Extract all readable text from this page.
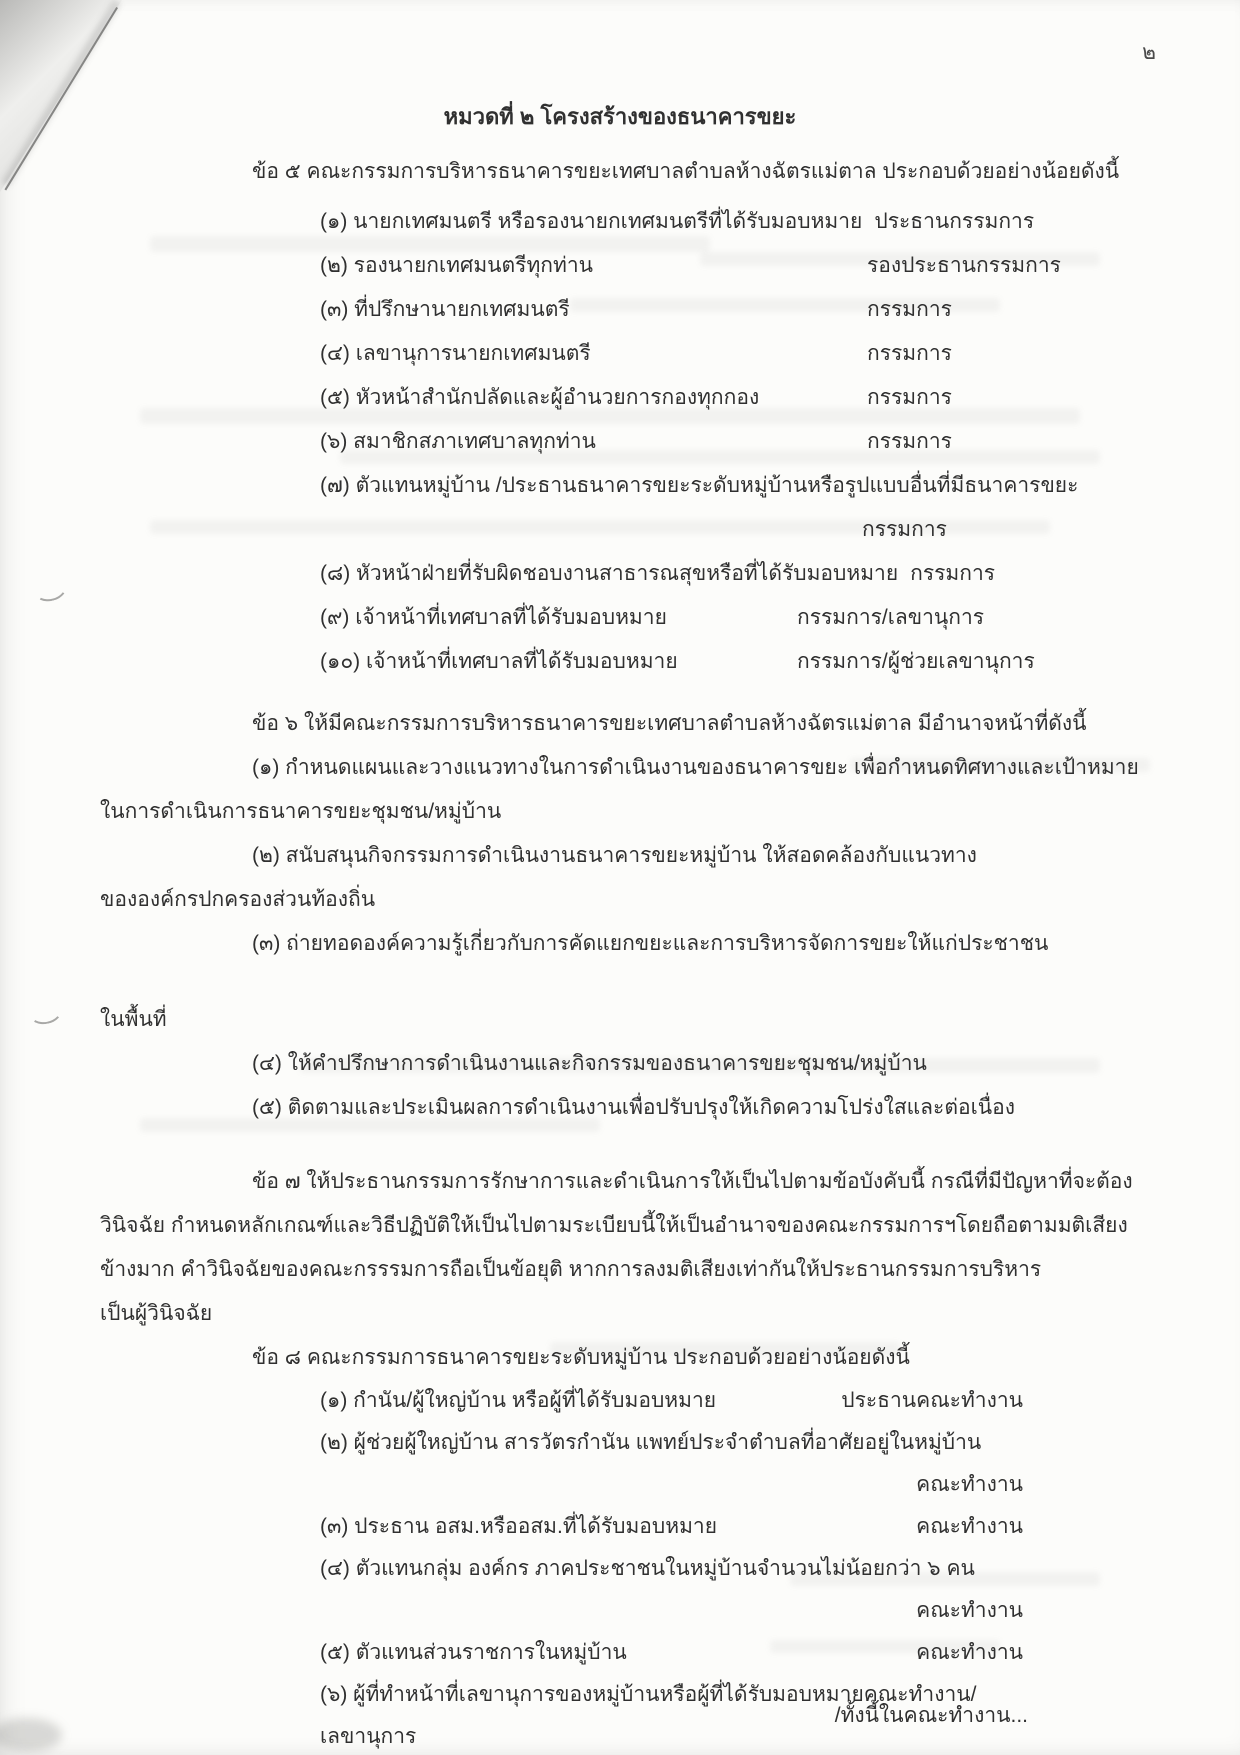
๒
หมวดที่ ๒ โครงสร้างของธนาคารขยะ

ข้อ ๕ คณะกรรมการบริหารธนาคารขยะเทศบาลตำบลห้างฉัตรแม่ตาล ประกอบด้วยอย่างน้อยดังนี้

(๑) นายกเทศมนตรี หรือรองนายกเทศมนตรีที่ได้รับมอบหมาย ประธานกรรมการ
(๒) รองนายกเทศมนตรีทุกท่าน	รองประธานกรรมการ
(๓) ที่ปรึกษานายกเทศมนตรี	กรรมการ
(๔) เลขานุการนายกเทศมนตรี	กรรมการ
(๕) หัวหน้าสำนักปลัดและผู้อำนวยการกองทุกกอง	กรรมการ
(๖) สมาชิกสภาเทศบาลทุกท่าน	กรรมการ
(๗) ตัวแทนหมู่บ้าน /ประธานธนาคารขยะระดับหมู่บ้านหรือรูปแบบอื่นที่มีธนาคารขยะ
กรรมการ
(๘) หัวหน้าฝ่ายที่รับผิดชอบงานสาธารณสุขหรือที่ได้รับมอบหมาย กรรมการ
(๙) เจ้าหน้าที่เทศบาลที่ได้รับมอบหมาย	กรรมการ/เลขานุการ
(๑๐) เจ้าหน้าที่เทศบาลที่ได้รับมอบหมาย	กรรมการ/ผู้ช่วยเลขานุการ

ข้อ ๖ ให้มีคณะกรรมการบริหารธนาคารขยะเทศบาลตำบลห้างฉัตรแม่ตาล มีอำนาจหน้าที่ดังนี้

(๑) กำหนดแผนและวางแนวทางในการดำเนินงานของธนาคารขยะ เพื่อกำหนดทิศทางและเป้าหมาย
ในการดำเนินการธนาคารขยะชุมชน/หมู่บ้าน
(๒) สนับสนุนกิจกรรมการดำเนินงานธนาคารขยะหมู่บ้าน ให้สอดคล้องกับแนวทาง
ขององค์กรปกครองส่วนท้องถิ่น
(๓) ถ่ายทอดองค์ความรู้เกี่ยวกับการคัดแยกขยะและการบริหารจัดการขยะให้แก่ประชาชน
ในพื้นที่
(๔) ให้คำปรึกษาการดำเนินงานและกิจกรรมของธนาคารขยะชุมชน/หมู่บ้าน
(๕) ติดตามและประเมินผลการดำเนินงานเพื่อปรับปรุงให้เกิดความโปร่งใสและต่อเนื่อง
ข้อ ๗ ให้ประธานกรรมการรักษาการและดำเนินการให้เป็นไปตามข้อบังคับนี้ กรณีที่มีปัญหาที่จะต้อง
วินิจฉัย กำหนดหลักเกณฑ์และวิธีปฏิบัติให้เป็นไปตามระเบียบนี้ให้เป็นอำนาจของคณะกรรมการฯโดยถือตามมติเสียง
ข้างมาก คำวินิจฉัยของคณะกรรรมการถือเป็นข้อยุติ หากการลงมติเสียงเท่ากันให้ประธานกรรมการบริหาร
เป็นผู้วินิจฉัย

ข้อ ๘ คณะกรรมการธนาคารขยะระดับหมู่บ้าน ประกอบด้วยอย่างน้อยดังนี้

(๑) กำนัน/ผู้ใหญ่บ้าน หรือผู้ที่ได้รับมอบหมาย	ประธานคณะทำงาน
(๒) ผู้ช่วยผู้ใหญ่บ้าน สารวัตรกำนัน แพทย์ประจำตำบลที่อาศัยอยู่ในหมู่บ้าน
คณะทำงาน
(๓) ประธาน อสม.หรืออสม.ที่ได้รับมอบหมาย	คณะทำงาน
(๔) ตัวแทนกลุ่ม องค์กร ภาคประชาชนในหมู่บ้านจำนวนไม่น้อยกว่า ๖ คน
คณะทำงาน
(๕) ตัวแทนส่วนราชการในหมู่บ้าน	คณะทำงาน
(๖) ผู้ที่ทำหน้าที่เลขานุการของหมู่บ้านหรือผู้ที่ได้รับมอบหมายคณะทำงาน/เลขานุการ
/ทั้งนี้ในคณะทำงาน...
